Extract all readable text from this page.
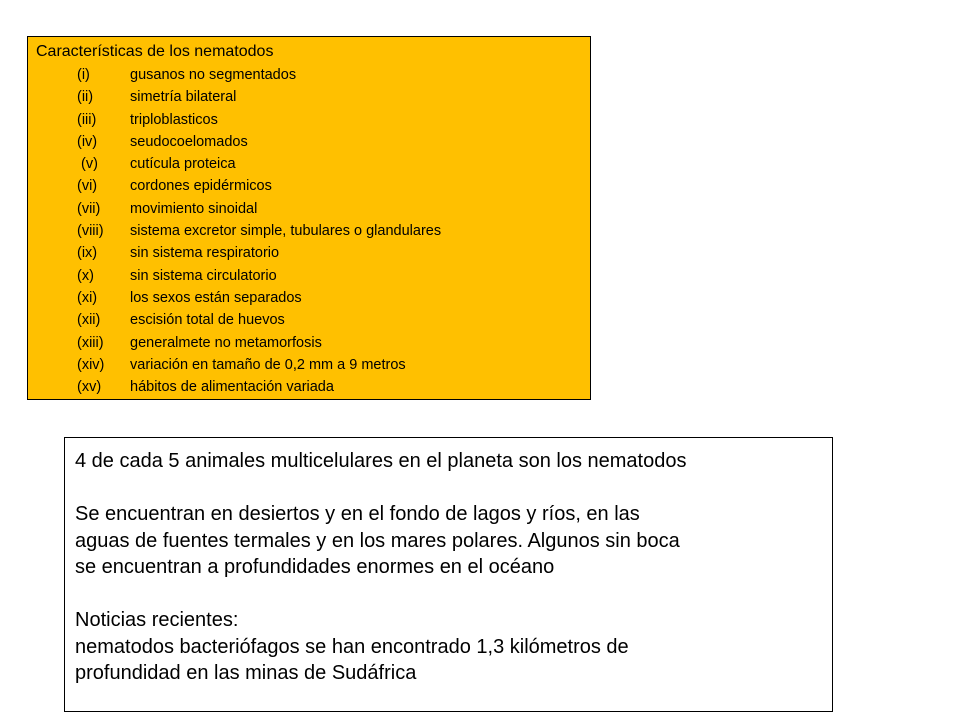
Características de los nematodos
(i)	gusanos no segmentados
(ii)	simetría bilateral
(iii)	triploblasticos
(iv)	seudocoelomados
(v)	cutícula proteica
(vi)	cordones epidérmicos
(vii)	movimiento sinoidal
(viii)	sistema excretor simple, tubulares o glandulares
(ix)	sin sistema respiratorio
(x)	sin sistema circulatorio
(xi)	los sexos están separados
(xii)	escisión total de huevos
(xiii)	generalmete no metamorfosis
(xiv)	variación en tamaño de 0,2 mm a 9 metros
(xv)	hábitos de alimentación variada

4 de cada 5 animales multicelulares en el planeta son los nematodos

Se encuentran en desiertos y en el fondo de lagos y ríos, en las

aguas de fuentes termales y en los mares polares. Algunos sin boca

se encuentran a profundidades enormes en el océano

Noticias recientes:

nematodos bacteriófagos se han encontrado 1,3 kilómetros de

profundidad en las minas de Sudáfrica
